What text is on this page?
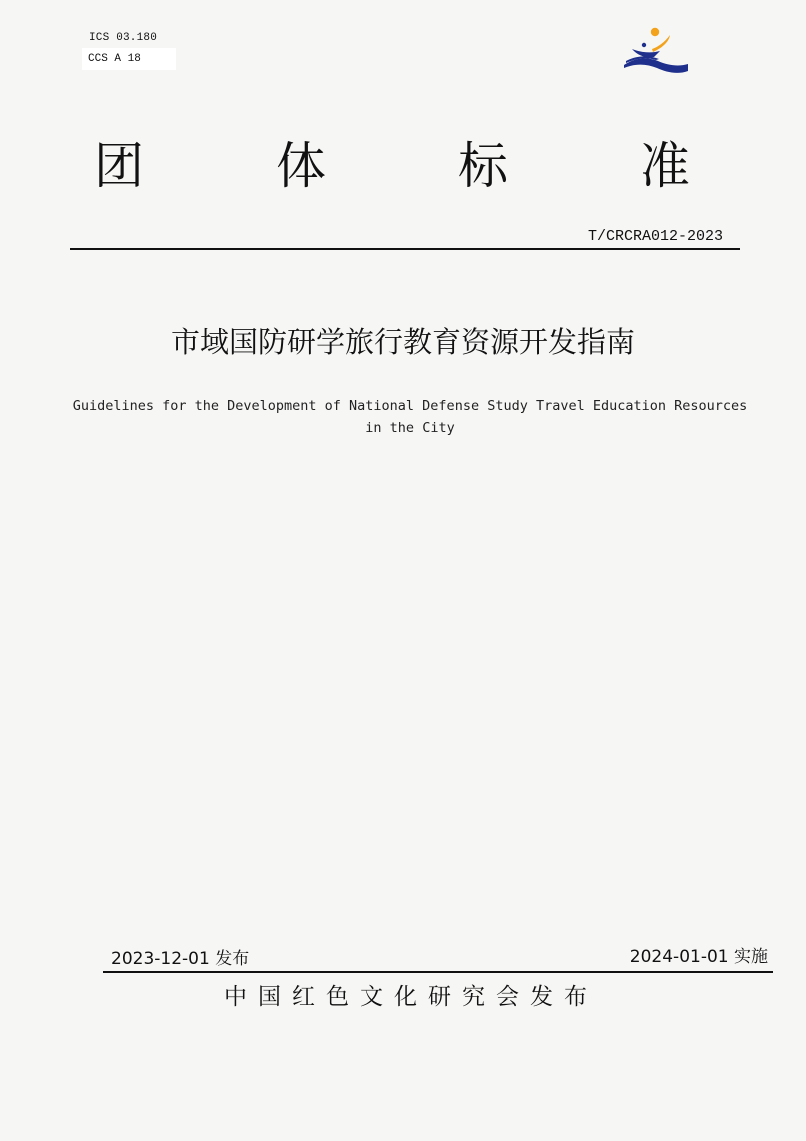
ICS 03.180
CCS A 18
团	体	标	准
T/CRCRA012-2023
市域国防研学旅行教育资源开发指南
Guidelines for the Development of National Defense Study Travel Education Resources
in the City
2023-12-01 发布	2024-01-01 实施
中国红色文化研究会发布
